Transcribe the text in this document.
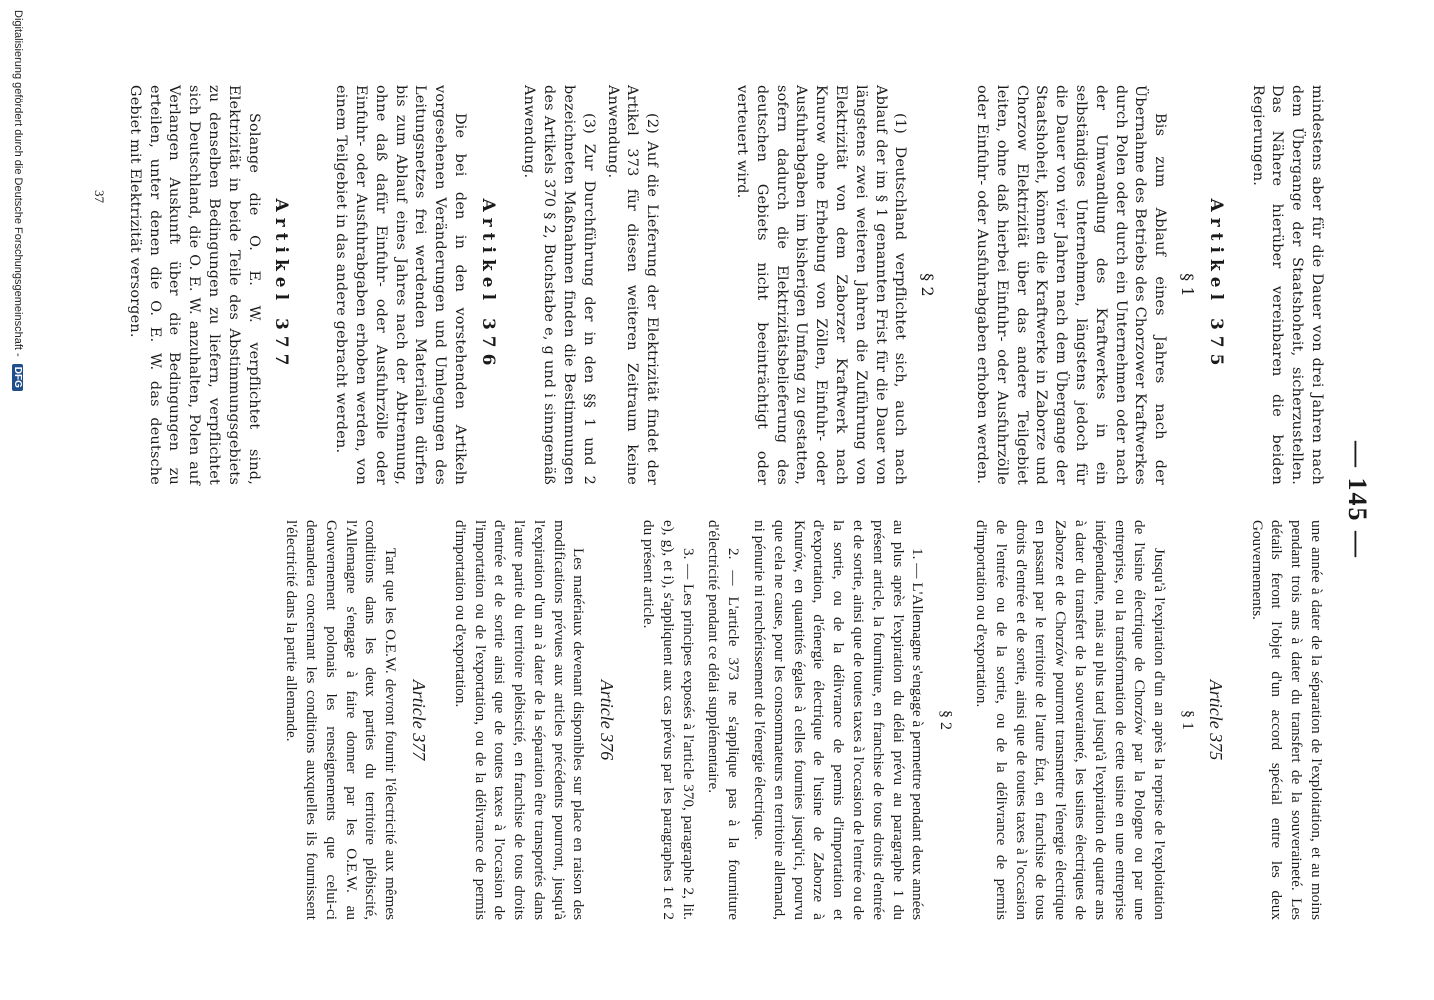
— 145 —

mindestens aber für die Dauer von drei Jahren nach dem Übergange der Staatshoheit, sicherzustellen. Das Nähere hierüber vereinbaren die beiden Regierungen.

Artikel 375
§ 1

Bis zum Ablauf eines Jahres nach der Übernahme des Betriebs des Chorzower Kraftwerkes durch Polen oder durch ein Unternehmen oder nach der Umwandlung des Kraftwerkes in ein selbständiges Unternehmen, längstens jedoch für die Dauer von vier Jahren nach dem Übergange der Staatshoheit, können die Kraftwerke in Zaborze und Chorzow Elektrizität über das andere Teilgebiet leiten, ohne daß hierbei Einfuhr- oder Ausfuhrzölle oder Einfuhr- oder Ausfuhrabgaben erhoben werden.

§ 2

(1) Deutschland verpflichtet sich, auch nach Ablauf der im § 1 genannten Frist für die Dauer von längstens zwei weiteren Jahren die Zuführung von Elektrizität von dem Zaborzer Kraftwerk nach Knurow ohne Erhebung von Zöllen, Einfuhr- oder Ausfuhrabgaben im bisherigen Umfang zu gestatten, sofern dadurch die Elektrizitätsbelieferung des deutschen Gebiets nicht beeinträchtigt oder verteuert wird.

(2) Auf die Lieferung der Elektrizität findet der Artikel 373 für diesen weiteren Zeitraum keine Anwendung.

(3) Zur Durchführung der in den §§ 1 und 2 bezeichneten Maßnahmen finden die Bestimmungen des Artikels 370 § 2, Buchstabe e, g und i sinngemäß Anwendung.

Artikel 376

Die bei den in den vorstehenden Artikeln vorgesehenen Veränderungen und Umlegungen des Leitungsnetzes frei werdenden Materialien dürfen bis zum Ablauf eines Jahres nach der Abtrennung, ohne daß dafür Einfuhr- oder Ausfuhrzölle oder Einfuhr- oder Ausfuhrabgaben erhoben werden, von einem Teilgebiet in das andere gebracht werden.

Artikel 377

Solange die O. E. W. verpflichtet sind, Elektrizität in beide Teile des Abstimmungsgebiets zu denselben Bedingungen zu liefern, verpflichtet sich Deutschland, die O. E. W. anzuhalten, Polen auf Verlangen Auskunft über die Bedingungen zu erteilen, unter denen die O. E. W. das deutsche Gebiet mit Elektrizität versorgen.

une année à dater de la séparation de l'exploitation, et au moins pendant trois ans à dater du transfert de la souveraineté. Les détails feront l'objet d'un accord spécial entre les deux Gouvernements.

Article 375
§ 1

Jusqu'à l'expiration d'un an après la reprise de l'exploitation de l'usine électrique de Chorzów par la Pologne ou par une entreprise, ou la transformation de cette usine en une entreprise indépendante, mais au plus tard jusqu'à l'expiration de quatre ans à dater du transfert de la souveraineté, les usines électriques de Zaborze et de Chorzów pourront transmettre l'énergie électrique en passant par le territoire de l'autre État, en franchise de tous droits d'entrée et de sortie, ainsi que de toutes taxes à l'occasion de l'entrée ou de la sortie, ou de la délivrance de permis d'importation ou d'exportation.

§ 2

1. — L'Allemagne s'engage à permettre pendant deux années au plus après l'expiration du délai prévu au paragraphe 1 du présent article, la fourniture, en franchise de tous droits d'entrée et de sortie, ainsi que de toutes taxes à l'occasion de l'entrée ou de la sortie, ou de la délivrance de permis d'importation et d'exportation, d'énergie électrique de l'usine de Zaborze à Knurów, en quantités égales à celles fournies jusqu'ici, pourvu que cela ne cause, pour les consommateurs en territoire allemand, ni pénurie ni renchérissement de l'énergie électrique.

2. — L'article 373 ne s'applique pas à la fourniture d'électricité pendant ce délai supplémentaire.

3. — Les principes exposés à l'article 370, paragraphe 2, lit. e), g), et i), s'appliquent aux cas prévus par les paragraphes 1 et 2 du présent article.

Article 376

Les matériaux devenant disponibles sur place en raison des modifications prévues aux articles précédents pourront, jusqu'à l'expiration d'un an à dater de la séparation être transportés dans l'autre partie du territoire plébiscité, en franchise de tous droits d'entrée et de sortie ainsi que de toutes taxes à l'occasion de l'importation ou de l'exportation, ou de la délivrance de permis d'importation ou d'exportation.

Article 377

Tant que les O.E.W. devront fournir l'électricité aux mêmes conditions dans les deux parties du territoire plébiscité, l'Allemagne s'engage à faire donner par les O.E.W. au Gouvernement polonais les renseignements que celui-ci demandera concernant les conditions auxquelles ils fournissent l'électricité dans la partie allemande.

37
Digitalisierung gefördert durch die Deutsche Forschungsgemeinschaft - DFG
